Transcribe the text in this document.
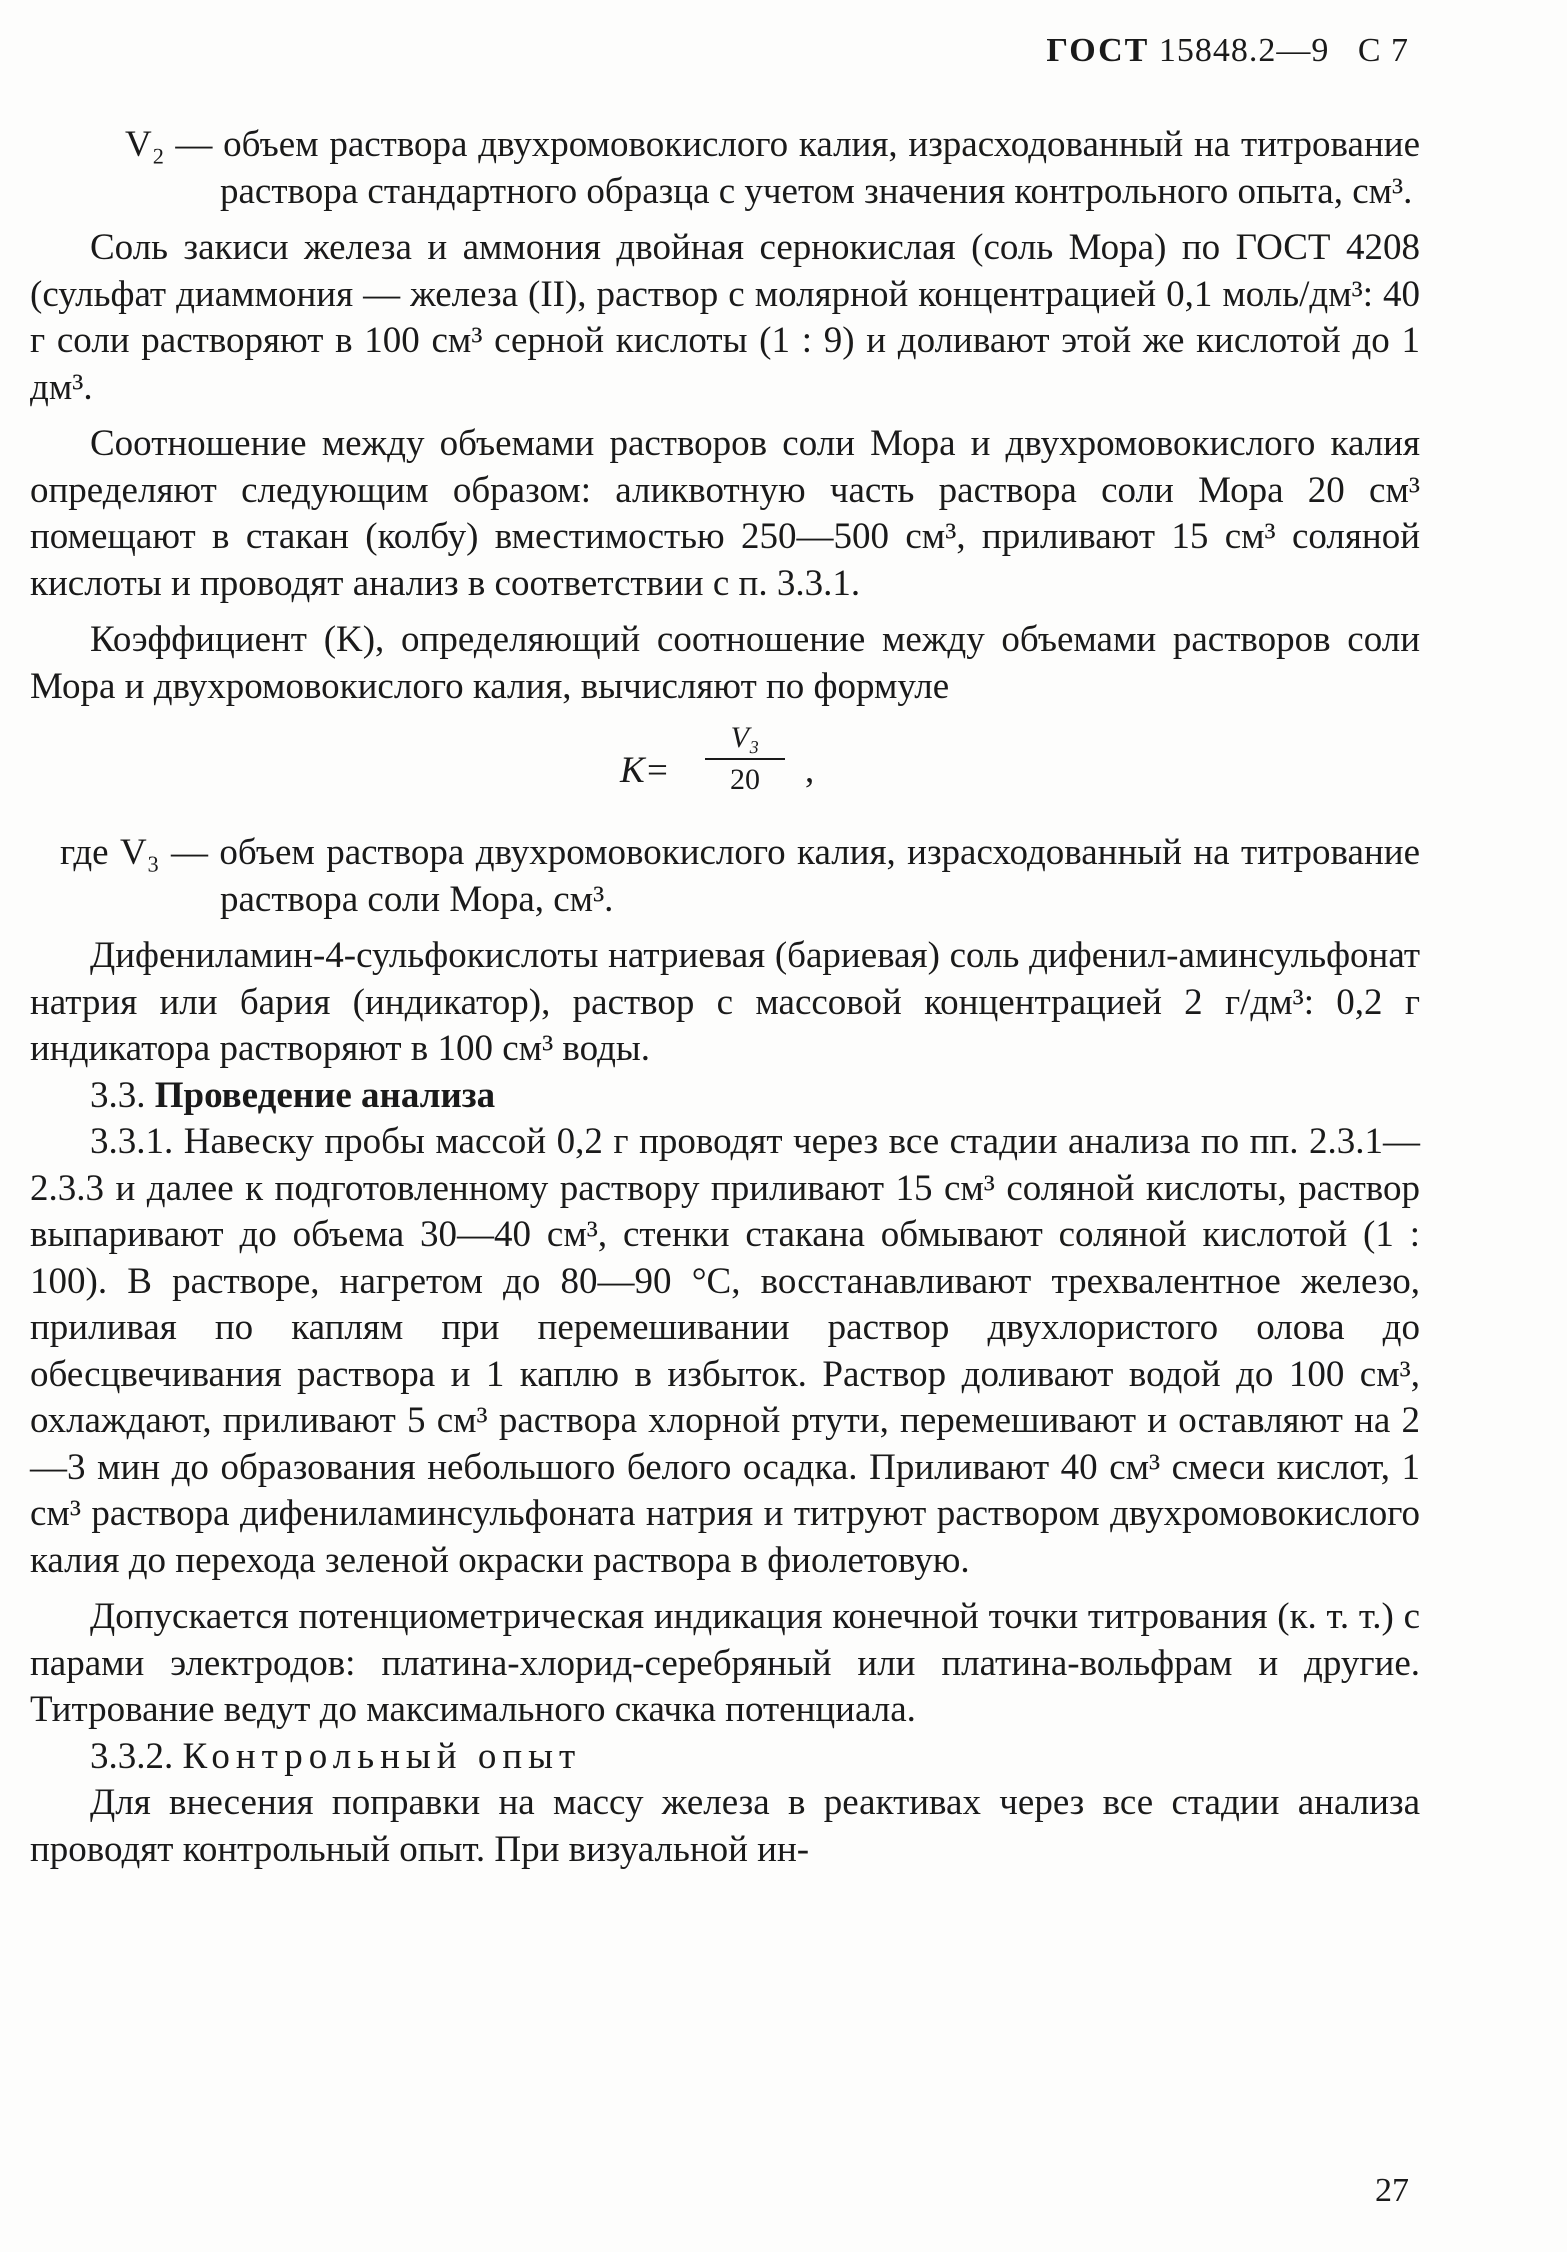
ГОСТ 15848.2—9 С 7

V₂ — объем раствора двухромовокислого калия, израсходованный на титрование раствора стандартного образца с учетом значения контрольного опыта, см³.

Соль закиси железа и аммония двойная сернокислая (соль Мора) по ГОСТ 4208 (сульфат диаммония — железа (II), раствор с молярной концентрацией 0,1 моль/дм³: 40 г соли растворяют в 100 см³ серной кислоты (1 : 9) и доливают этой же кислотой до 1 дм³.

Соотношение между объемами растворов соли Мора и двухромовокислого калия определяют следующим образом: аликвотную часть раствора соли Мора 20 см³ помещают в стакан (колбу) вместимостью 250—500 см³, приливают 15 см³ соляной кислоты и проводят анализ в соответствии с п. 3.3.1.

Коэффициент (K), определяющий соотношение между объемами растворов соли Мора и двухромовокислого калия, вычисляют по формуле

$K= \frac{\text{V₃}}{20}$ ,

где V₃ — объем раствора двухромовокислого калия, израсходованный на титрование раствора соли Мора, см³.

Дифениламин-4-сульфокислоты натриевая (бариевая) соль дифенил-аминсульфонат натрия или бария (индикатор), раствор с массовой концентрацией 2 г/дм³: 0,2 г индикатора растворяют в 100 см³ воды.

3.3. Проведение анализа

3.3.1. Навеску пробы массой 0,2 г проводят через все стадии анализа по пп. 2.3.1—2.3.3 и далее к подготовленному раствору приливают 15 см³ соляной кислоты, раствор выпаривают до объема 30—40 см³, стенки стакана обмывают соляной кислотой (1 : 100). В растворе, нагретом до 80—90 °С, восстанавливают трехвалентное железо, приливая по каплям при перемешивании раствор двухлористого олова до обесцвечивания раствора и 1 каплю в избыток. Раствор доливают водой до 100 см³, охлаждают, приливают 5 см³ раствора хлорной ртути, перемешивают и оставляют на 2—3 мин до образования небольшого белого осадка. Приливают 40 см³ смеси кислот, 1 см³ раствора дифениламинсульфоната натрия и титруют раствором двухромовокислого калия до перехода зеленой окраски раствора в фиолетовую.

Допускается потенциометрическая индикация конечной точки титрования (к. т. т.) с парами электродов: платина-хлорид-серебряный или платина-вольфрам и другие. Титрование ведут до максимального скачка потенциала.

3.3.2. Контрольный опыт

Для внесения поправки на массу железа в реактивах через все стадии анализа проводят контрольный опыт. При визуальной ин-

27
